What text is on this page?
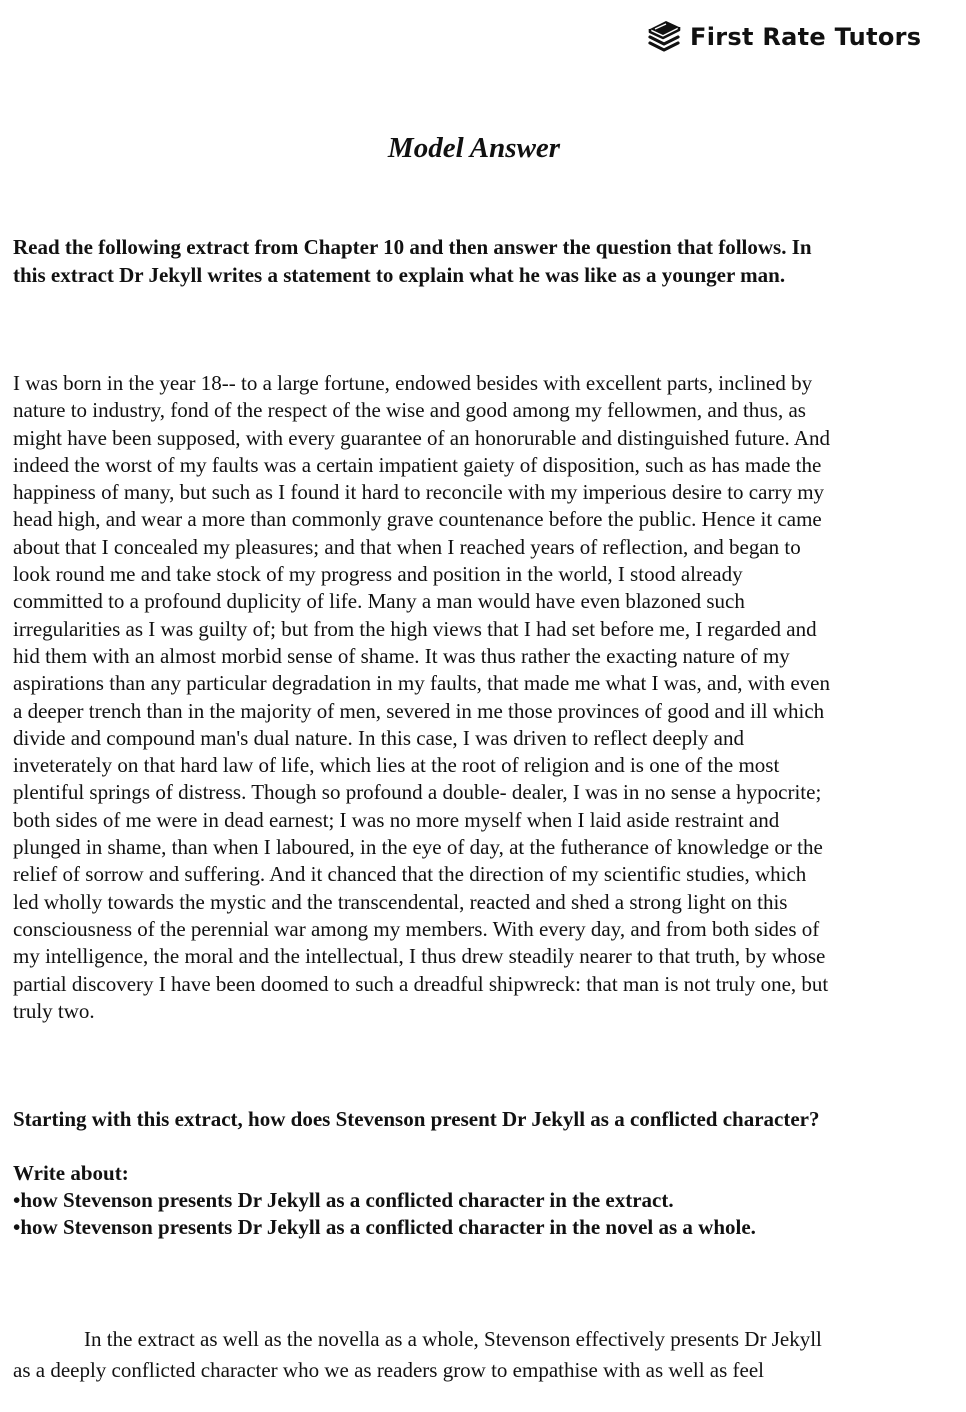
First Rate Tutors
Model Answer
Read the following extract from Chapter 10 and then answer the question that follows. In
this extract Dr Jekyll writes a statement to explain what he was like as a younger man.
I was born in the year 18-- to a large fortune, endowed besides with excellent parts, inclined by
nature to industry, fond of the respect of the wise and good among my fellowmen, and thus, as
might have been supposed, with every guarantee of an honorurable and distinguished future. And
indeed the worst of my faults was a certain impatient gaiety of disposition, such as has made the
happiness of many, but such as I found it hard to reconcile with my imperious desire to carry my
head high, and wear a more than commonly grave countenance before the public. Hence it came
about that I concealed my pleasures; and that when I reached years of reflection, and began to
look round me and take stock of my progress and position in the world, I stood already
committed to a profound duplicity of life. Many a man would have even blazoned such
irregularities as I was guilty of; but from the high views that I had set before me, I regarded and
hid them with an almost morbid sense of shame. It was thus rather the exacting nature of my
aspirations than any particular degradation in my faults, that made me what I was, and, with even
a deeper trench than in the majority of men, severed in me those provinces of good and ill which
divide and compound man's dual nature. In this case, I was driven to reflect deeply and
inveterately on that hard law of life, which lies at the root of religion and is one of the most
plentiful springs of distress. Though so profound a double- dealer, I was in no sense a hypocrite;
both sides of me were in dead earnest; I was no more myself when I laid aside restraint and
plunged in shame, than when I laboured, in the eye of day, at the futherance of knowledge or the
relief of sorrow and suffering. And it chanced that the direction of my scientific studies, which
led wholly towards the mystic and the transcendental, reacted and shed a strong light on this
consciousness of the perennial war among my members. With every day, and from both sides of
my intelligence, the moral and the intellectual, I thus drew steadily nearer to that truth, by whose
partial discovery I have been doomed to such a dreadful shipwreck: that man is not truly one, but
truly two.

Starting with this extract, how does Stevenson present Dr Jekyll as a conflicted character?

Write about:
•how Stevenson presents Dr Jekyll as a conflicted character in the extract.
•how Stevenson presents Dr Jekyll as a conflicted character in the novel as a whole.
In the extract as well as the novella as a whole, Stevenson effectively presents Dr Jekyll
as a deeply conflicted character who we as readers grow to empathise with as well as feel
